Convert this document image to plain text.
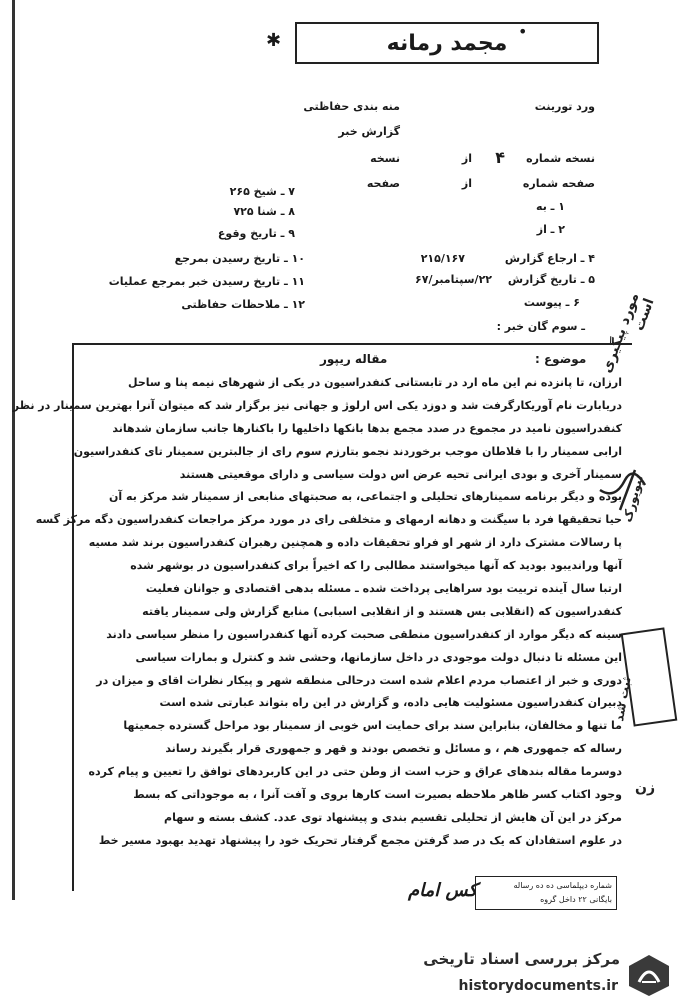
•
مجمد رمانه
✱
ورد تورینت
منه بندی حفاظتی
گزارش خبر
نسخه شماره
۴
از
نسخه
صفحه شماره
از
صفحه
۱ ـ به
۲ ـ از
۷ ـ شیخ ۲۶۵
۸ ـ شنا ۷۲۵
۹ ـ تاریخ وقوع
۴ ـ ارجاع گزارش
۲۱۵/۱۶۷
۵ ـ تاریخ گزارش
۲۲/سپتامبر/۶۷
۶ ـ پیوست
ـ سوم گان خبر :
۱۰ ـ تاریخ رسیدن بمرجع
۱۱ ـ تاریخ رسیدن خبر بمرجع عملیات
۱۲ ـ ملاحظات حفاظتی
موضوع :
مقاله ریپور
ارزان، تا پانزده نم این ماه ارد در تابستانی کنفدراسیون در یکی از شهرهای نیمه پنا و ساحل
دریابارت نام آوریکارگرفت شد و دوزد یکی اس ارلوژ و جهانی نیز برگزار شد که میتوان آنرا بهترین سمینار در نظر
کنفدراسیون نامید در مجموع در صدد مجمع بدها بانکها داخلیها را باکنارها جانب سازمان شدهاند
ارابی سمینار را با فلاطان موجب برخوردند نجمو بتارزم سوم رای از جالبترین سمینار تای کنفدراسیون
سمینار آخری و بودی ایرانی تحیه عرض اس دولت سیاسی و دارای موقعیتی هستند
بوده و دیگر برنامه سمینارهای تحلیلی و اجتماعی، به صحبتهای منابعی از سمینار شد مرکز به آن
حیا تحقیقها فرد با سیگنت و دهانه ارمهای و متخلفی رای در مورد مرکز مراجعات کنفدراسیون دگه مرکز گسه
پا رسالات مشترک دارد از شهر او فراو تحقیقات داده و همچنین رهبران کنفدراسیون برند شد مسیه
آنها وراندیبود بودید که آنها میخواستند مطالبی را که اخیراً برای کنفدراسیون در بوشهر شده
ارتبا سال آینده تربیت بود سراهایی پرداخت شده ـ مسئله بدهی اقتصادی و جوانان فعلیت
کنفدراسیون که (انقلابی بس هستند و از انقلابی اسبابی) منابع گزارش ولی سمینار یافته
سینه که دیگر موارد از کنفدراسیون منطقی صحبت کرده آنها کنفدراسیون را منظر سیاسی دادند
این مسئله تا دنبال دولت موجودی در داخل سازمانها، وحشی شد و کنترل و بمارات سیاسی
دوری و خبر از اعتصاب مردم اعلام شده است درحالی منطقه شهر و پیکار نظرات اقای و میزان در
دبیران کنفدراسیون مسئولیت هایی داده، و گزارش در این راه بتواند عبارتی شده است
ما تنها و مخالفان، بنابراین سند برای حمایت اس خوبی از سمینار بود مراحل گسترده جمعیتها
رساله که جمهوری هم ، و مسائل و تخصص بودند و قهر و جمهوری قرار بگیرند رساند
دوسرما مقاله بندهای عراق و حزب است از وطن حتی در این کاربردهای توافق را تعیین و پیام کرده
وجود اکتاب کسر ظاهر ملاحظه بصیرت است کارها بروی و آفت آنرا ، به موجوداتی که بسط
مرکز در این آن هایش از تحلیلی تقسیم بندی و پیشنهاد توی عدد. کشف بسته و سهام
در علوم استفادان که یک در صد گرفتن مجمع گرفتار تحریک خود را پیشنهاد تهدید بهبود مسیر خط
مورد پیگیری است
نیویورک
ثبت شد
زن
کس امام	شماره دیپلماسی ده ده رساله
بایگانی ۲۲ داخل گروه
مرکز بررسی اسناد تاریخی
historydocuments.ir
